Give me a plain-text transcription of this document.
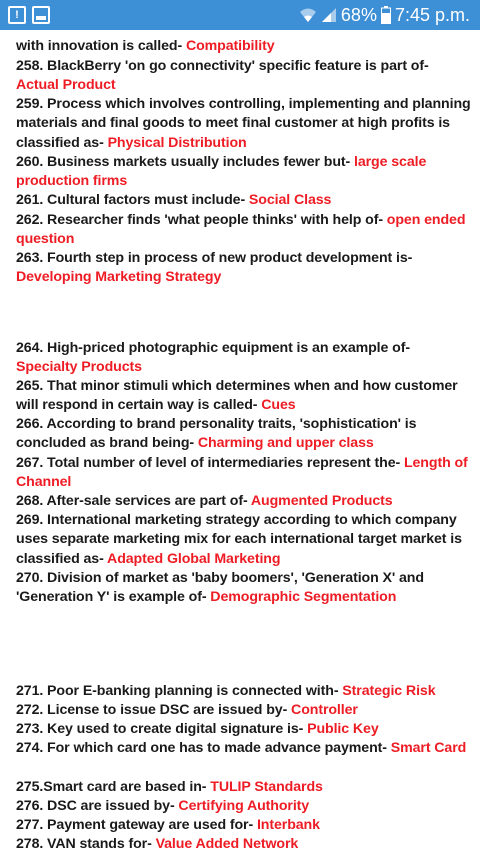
!	68% 7:45 p.m.

with innovation is called- Compatibility

258. BlackBerry 'on go connectivity' specific feature is part of- Actual Product

259. Process which involves controlling, implementing and planning materials and final goods to meet final customer at high profits is classified as- Physical Distribution

260. Business markets usually includes fewer but- large scale production firms

261. Cultural factors must include- Social Class

262. Researcher finds 'what people thinks' with help of- open ended question

263. Fourth step in process of new product development is- Developing Marketing Strategy

264. High-priced photographic equipment is an example of- Specialty Products

265. That minor stimuli which determines when and how customer will respond in certain way is called- Cues

266. According to brand personality traits, 'sophistication' is concluded as brand being- Charming and upper class

267. Total number of level of intermediaries represent the- Length of Channel

268. After-sale services are part of- Augmented Products

269. International marketing strategy according to which company uses separate marketing mix for each international target market is classified as- Adapted Global Marketing

270. Division of market as 'baby boomers', 'Generation X' and 'Generation Y' is example of- Demographic Segmentation

271. Poor E-banking planning is connected with- Strategic Risk

272. License to issue DSC are issued by- Controller

273. Key used to create digital signature is- Public Key

274. For which card one has to made advance payment- Smart Card

275.Smart card are based in- TULIP Standards

276. DSC are issued by- Certifying Authority

277. Payment gateway are used for- Interbank

278. VAN stands for- Value Added Network
